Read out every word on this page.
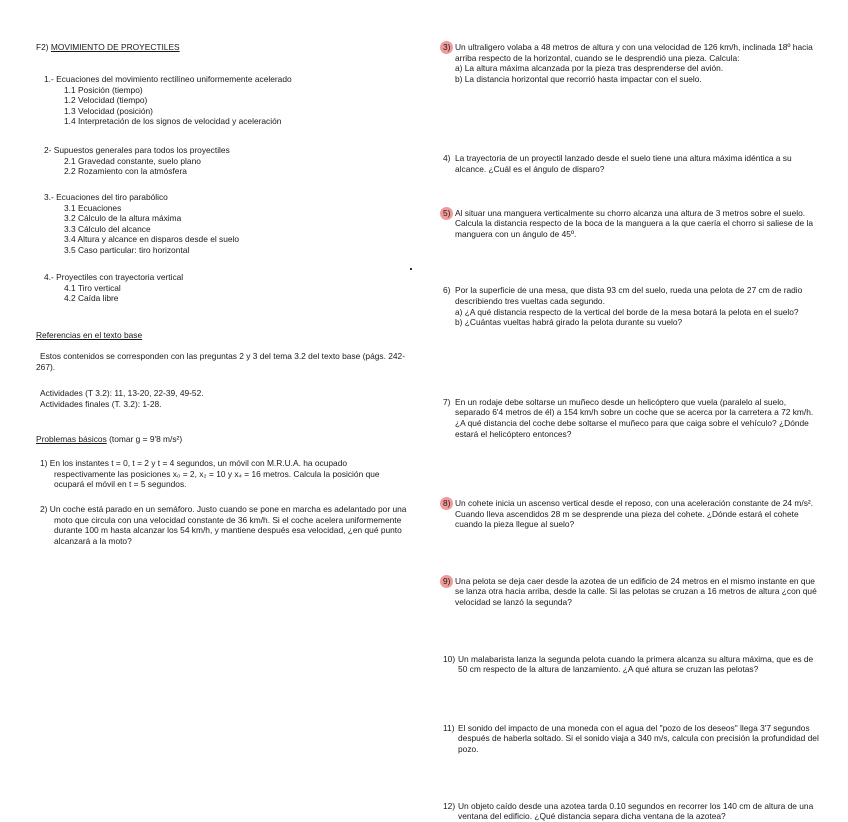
F2) MOVIMIENTO DE PROYECTILES
1.- Ecuaciones del movimiento rectilíneo uniformemente acelerado
1.1 Posición (tiempo)
1.2 Velocidad (tiempo)
1.3 Velocidad (posición)
1.4 Interpretación de los signos de velocidad y aceleración
2- Supuestos generales para todos los proyectiles
2.1 Gravedad constante, suelo plano
2.2 Rozamiento con la atmósfera
3.- Ecuaciones del tiro parabólico
3.1 Ecuaciones
3.2 Cálculo de la altura máxima
3.3 Cálculo del alcance
3.4 Altura y alcance en disparos desde el suelo
3.5 Caso particular: tiro horizontal
4.- Proyectiles con trayectoria vertical
4.1 Tiro vertical
4.2 Caída libre
Referencias en el texto base
Estos contenidos se corresponden con las preguntas 2 y 3 del tema 3.2 del texto base (págs. 242-267).
Actividades (T 3.2): 11, 13-20, 22-39, 49-52.
Actividades finales (T. 3.2): 1-28.
Problemas básicos (tomar g = 9'8 m/s²)
1) En los instantes t = 0, t = 2 y t = 4 segundos, un móvil con M.R.U.A. ha ocupado respectivamente las posiciones x₀ = 2, x₂ = 10 y x₄ = 16 metros. Calcula la posición que ocupará el móvil en t = 5 segundos.
2) Un coche está parado en un semáforo. Justo cuando se pone en marcha es adelantado por una moto que circula con una velocidad constante de 36 km/h. Si el coche acelera uniformemente durante 100 m hasta alcanzar los 54 km/h, y mantiene después esa velocidad, ¿en qué punto alcanzará a la moto?
3) Un ultraligero volaba a 48 metros de altura y con una velocidad de 126 km/h, inclinada 18º hacia arriba respecto de la horizontal, cuando se le desprendió una pieza. Calcula:
a) La altura máxima alcanzada por la pieza tras desprenderse del avión.
b) La distancia horizontal que recorrió hasta impactar con el suelo.
4) La trayectoria de un proyectil lanzado desde el suelo tiene una altura máxima idéntica a su alcance. ¿Cuál es el ángulo de disparo?
5) Al situar una manguera verticalmente su chorro alcanza una altura de 3 metros sobre el suelo. Calcula la distancia respecto de la boca de la manguera a la que caería el chorro si saliese de la manguera con un ángulo de 45º.
6) Por la superficie de una mesa, que dista 93 cm del suelo, rueda una pelota de 27 cm de radio describiendo tres vueltas cada segundo.
a) ¿A qué distancia respecto de la vertical del borde de la mesa botará la pelota en el suelo?
b) ¿Cuántas vueltas habrá girado la pelota durante su vuelo?
7) En un rodaje debe soltarse un muñeco desde un helicóptero que vuela (paralelo al suelo, separado 6'4 metros de él) a 154 km/h sobre un coche que se acerca por la carretera a 72 km/h. ¿A qué distancia del coche debe soltarse el muñeco para que caiga sobre el vehículo? ¿Dónde estará el helicóptero entonces?
8) Un cohete inicia un ascenso vertical desde el reposo, con una aceleración constante de 24 m/s². Cuando lleva ascendidos 28 m se desprende una pieza del cohete. ¿Dónde estará el cohete cuando la pieza llegue al suelo?
9) Una pelota se deja caer desde la azotea de un edificio de 24 metros en el mismo instante en que se lanza otra hacia arriba, desde la calle. Si las pelotas se cruzan a 16 metros de altura ¿con qué velocidad se lanzó la segunda?
10) Un malabarista lanza la segunda pelota cuando la primera alcanza su altura máxima, que es de 50 cm respecto de la altura de lanzamiento. ¿A qué altura se cruzan las pelotas?
11) El sonido del impacto de una moneda con el agua del "pozo de los deseos" llega 3'7 segundos después de haberla soltado. Si el sonido viaja a 340 m/s, calcula con precisión la profundidad del pozo.
12) Un objeto caído desde una azotea tarda 0.10 segundos en recorrer los 140 cm de altura de una ventana del edificio. ¿Qué distancia separa dicha ventana de la azotea?
